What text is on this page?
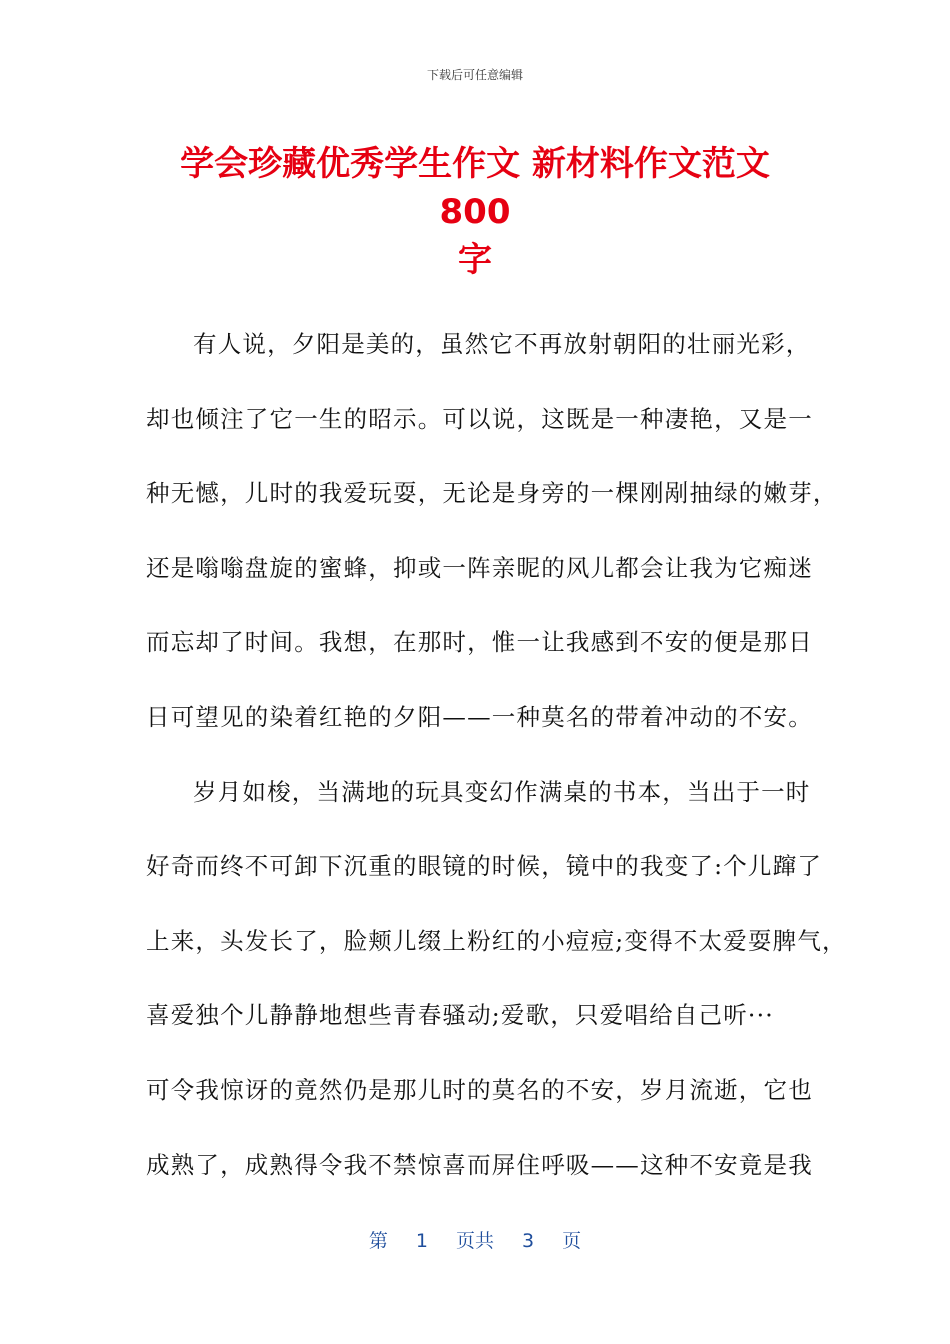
下载后可任意编辑
学会珍藏优秀学生作文 新材料作文范文 800
字
有人说，夕阳是美的，虽然它不再放射朝阳的壮丽光彩，
却也倾注了它一生的昭示。可以说，这既是一种凄艳，又是一
种无憾，儿时的我爱玩耍，无论是身旁的一棵刚剐抽绿的嫩芽，
还是嗡嗡盘旋的蜜蜂，抑或一阵亲昵的风儿都会让我为它痴迷
而忘却了时间。我想，在那时，惟一让我感到不安的便是那日
日可望见的染着红艳的夕阳——一种莫名的带着冲动的不安。
岁月如梭，当满地的玩具变幻作满桌的书本，当出于一时
好奇而终不可卸下沉重的眼镜的时候，镜中的我变了:个儿蹿了
上来，头发长了，脸颊儿缀上粉红的小痘痘;变得不太爱耍脾气，
喜爱独个儿静静地想些青春骚动;爱歌，只爱唱给自己听···
可令我惊讶的竟然仍是那儿时的莫名的不安，岁月流逝，它也
成熟了，成熟得令我不禁惊喜而屏住呼吸——这种不安竟是我
第 1 页共 3 页
